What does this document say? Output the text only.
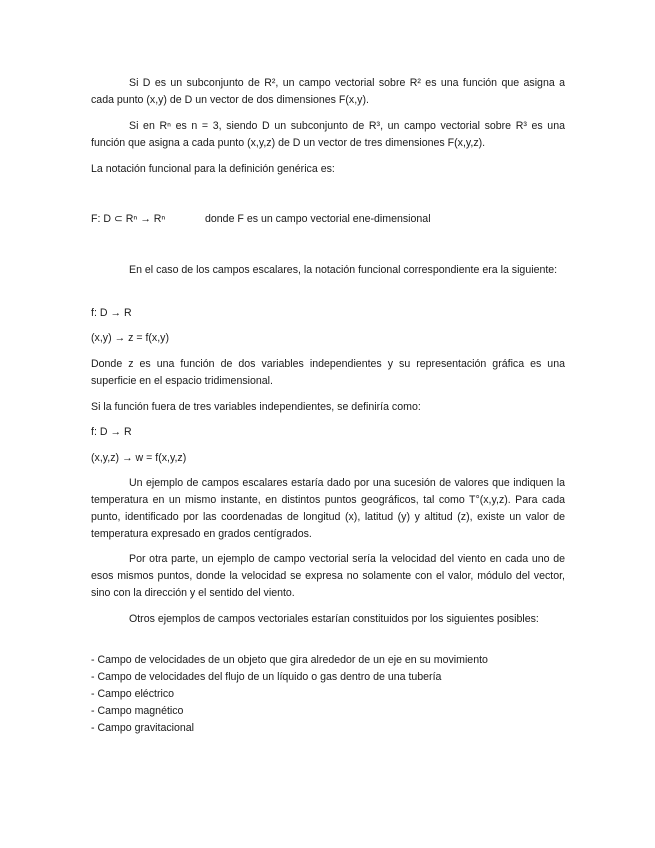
Si D es un subconjunto de R², un campo vectorial sobre R² es una función que asigna a cada punto (x,y) de D un vector de dos dimensiones F(x,y).

Si en Rⁿ es n = 3, siendo D un subconjunto de R³, un campo vectorial sobre R³ es una función que asigna a cada punto (x,y,z) de D un vector de tres dimensiones F(x,y,z).

La notación funcional para la definición genérica es:

F: D ⊂ Rⁿ → Rⁿ	donde F es un campo vectorial ene-dimensional

En el caso de los campos escalares, la notación funcional correspondiente era la siguiente:

f: D → R

(x,y) → z = f(x,y)

Donde z es una función de dos variables independientes y su representación gráfica es una superficie en el espacio tridimensional.

Si la función fuera de tres variables independientes, se definiría como:

f: D → R

(x,y,z) → w = f(x,y,z)

Un ejemplo de campos escalares estaría dado por una sucesión de valores que indiquen la temperatura en un mismo instante, en distintos puntos geográficos, tal como T°(x,y,z). Para cada punto, identificado por las coordenadas de longitud (x), latitud (y) y altitud (z), existe un valor de temperatura expresado en grados centígrados.

Por otra parte, un ejemplo de campo vectorial sería la velocidad del viento en cada uno de esos mismos puntos, donde la velocidad se expresa no solamente con el valor, módulo del vector, sino con la dirección y el sentido del viento.

Otros ejemplos de campos vectoriales estarían constituidos por los siguientes posibles:

- Campo de velocidades de un objeto que gira alrededor de un eje en su movimiento
- Campo de velocidades del flujo de un líquido o gas dentro de una tubería
- Campo eléctrico
- Campo magnético
- Campo gravitacional
